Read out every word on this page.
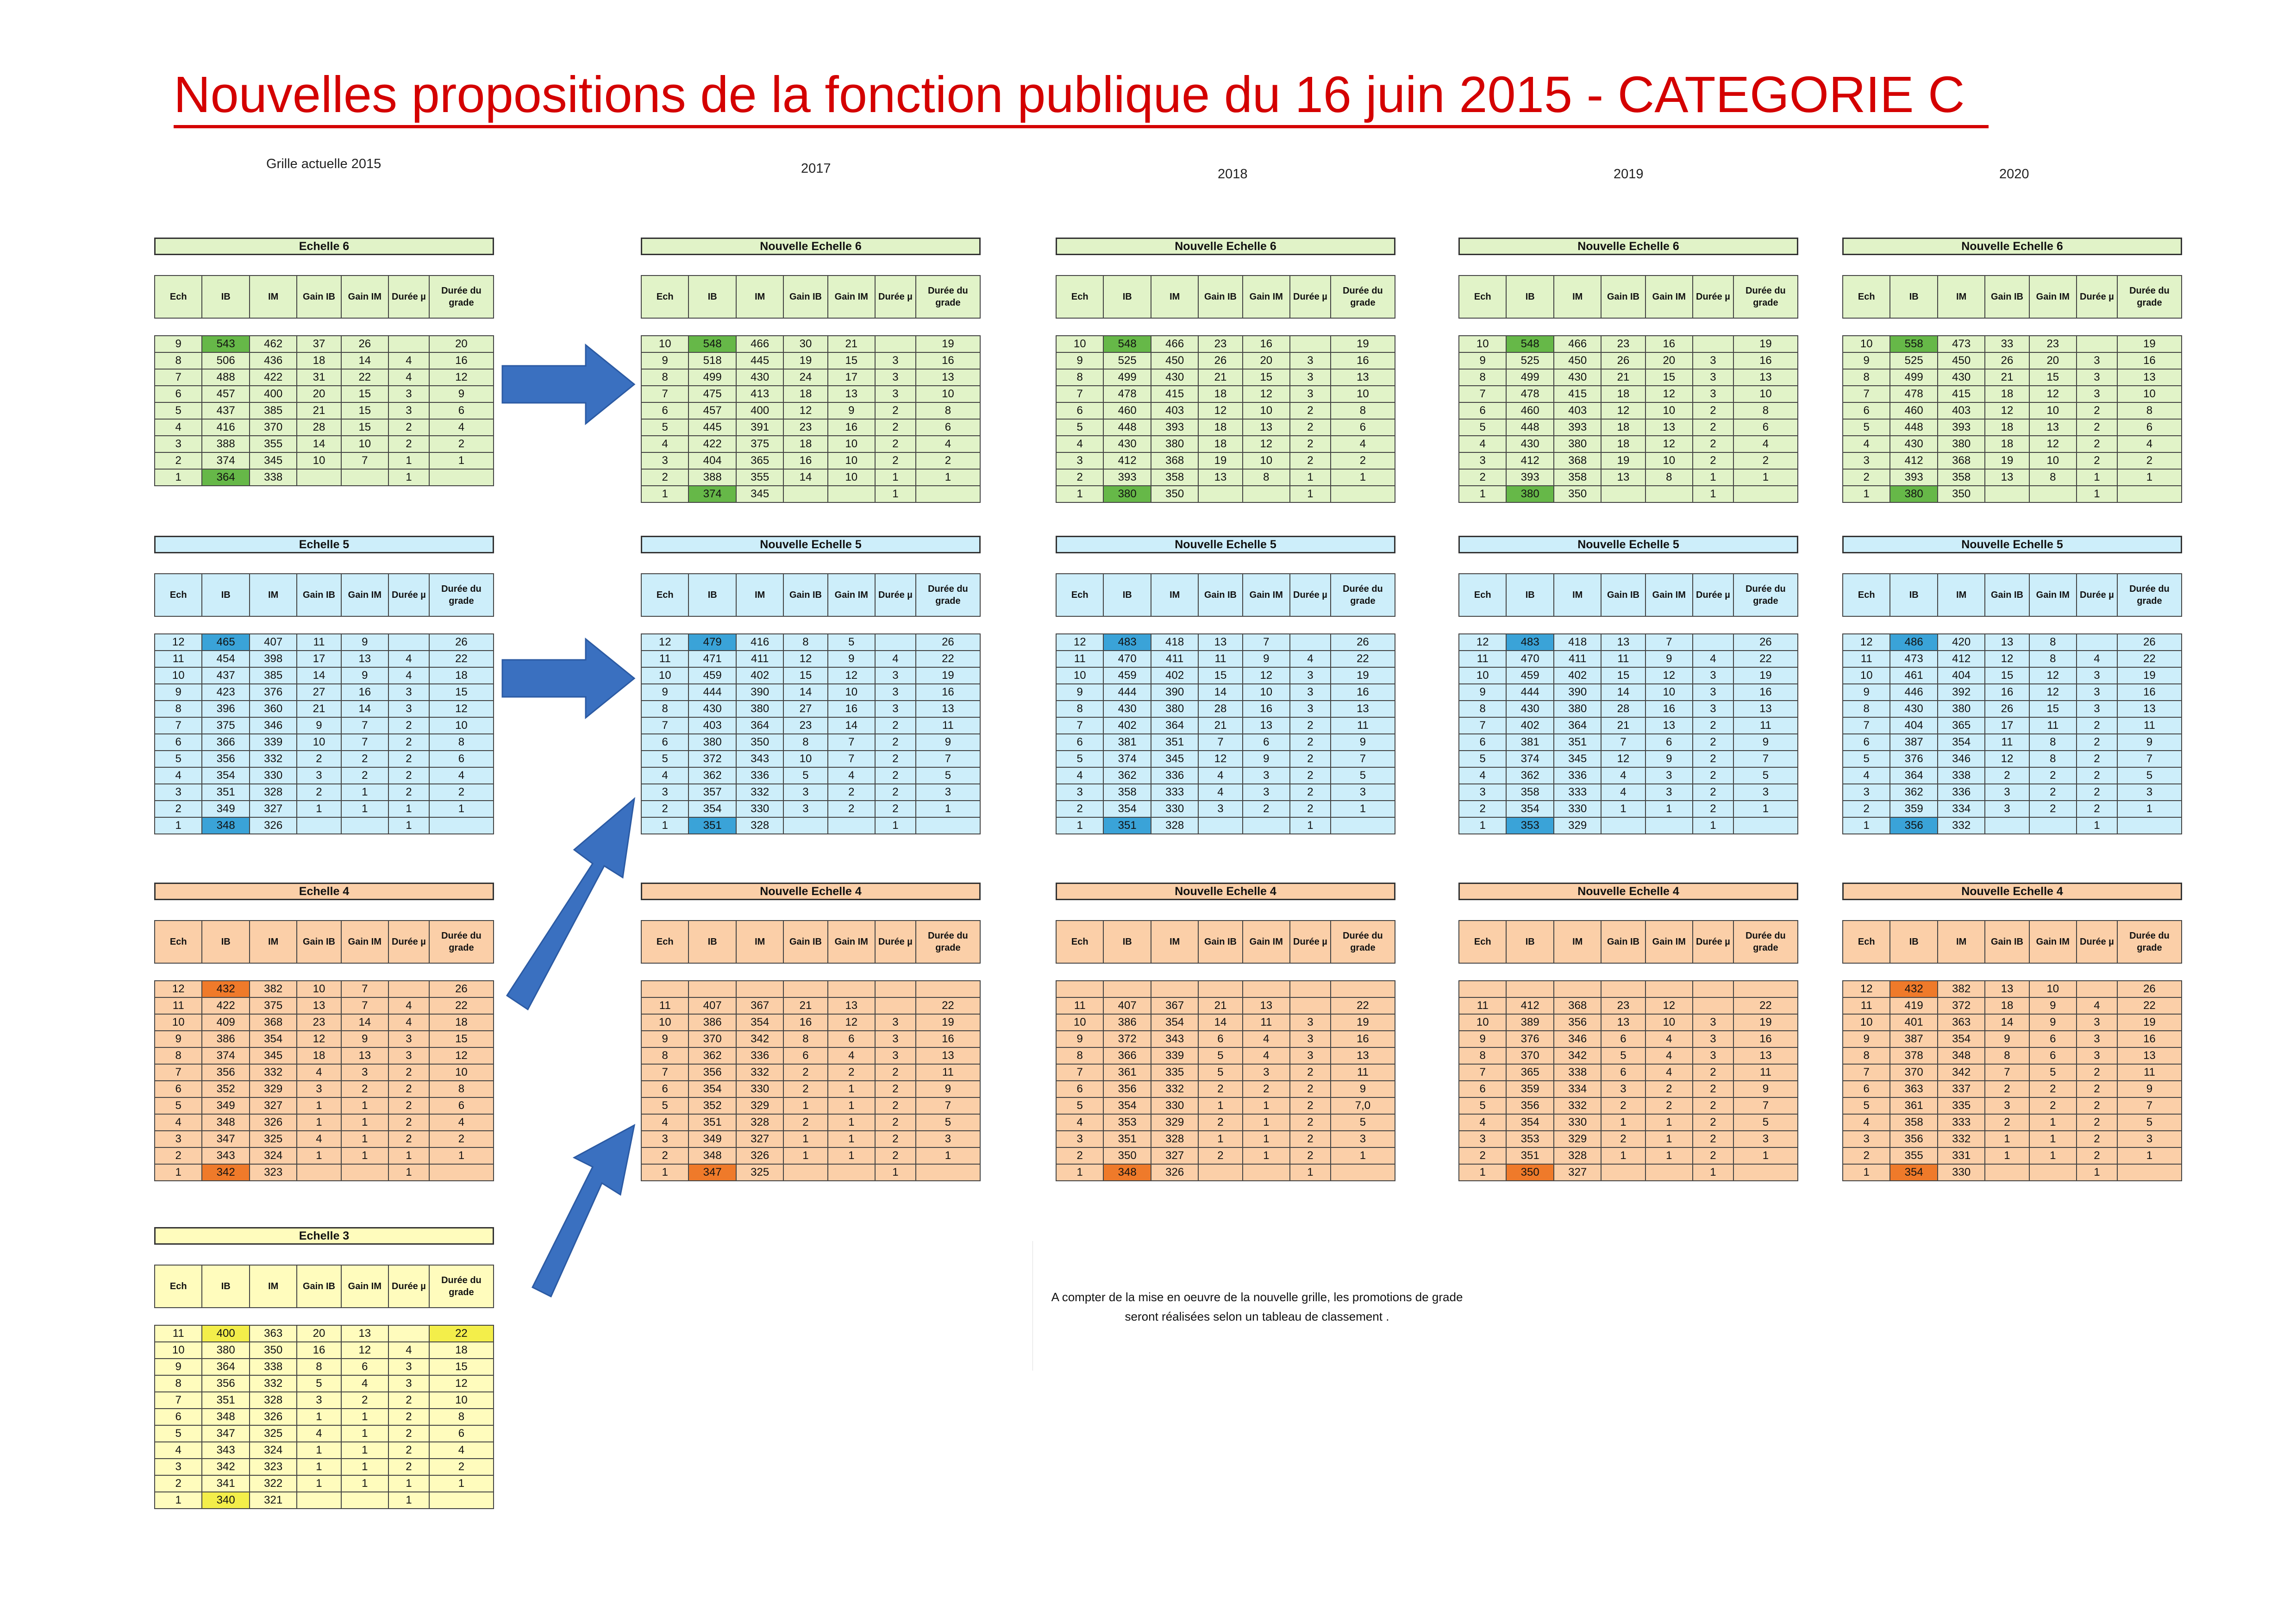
Nouvelles propositions de la fonction publique du 16 juin 2015 - CATEGORIE C
Grille actuelle 2015	2017	2018	2019	2020
Echelle 6
Ech	IB	IM	Gain IB	Gain IM	Durée µ	Durée du grade
9	543	462	37	26		20
8	506	436	18	14	4	16
7	488	422	31	22	4	12
6	457	400	20	15	3	9
5	437	385	21	15	3	6
4	416	370	28	15	2	4
3	388	355	14	10	2	2
2	374	345	10	7	1	1
1	364	338			1	
Nouvelle Echelle 6
Ech	IB	IM	Gain IB	Gain IM	Durée µ	Durée du grade
10	548	466	30	21		19
9	518	445	19	15	3	16
8	499	430	24	17	3	13
7	475	413	18	13	3	10
6	457	400	12	9	2	8
5	445	391	23	16	2	6
4	422	375	18	10	2	4
3	404	365	16	10	2	2
2	388	355	14	10	1	1
1	374	345			1	
Nouvelle Echelle 6
Ech	IB	IM	Gain IB	Gain IM	Durée µ	Durée du grade
10	548	466	23	16		19
9	525	450	26	20	3	16
8	499	430	21	15	3	13
7	478	415	18	12	3	10
6	460	403	12	10	2	8
5	448	393	18	13	2	6
4	430	380	18	12	2	4
3	412	368	19	10	2	2
2	393	358	13	8	1	1
1	380	350			1	
Nouvelle Echelle 6
Ech	IB	IM	Gain IB	Gain IM	Durée µ	Durée du grade
10	548	466	23	16		19
9	525	450	26	20	3	16
8	499	430	21	15	3	13
7	478	415	18	12	3	10
6	460	403	12	10	2	8
5	448	393	18	13	2	6
4	430	380	18	12	2	4
3	412	368	19	10	2	2
2	393	358	13	8	1	1
1	380	350			1	
Nouvelle Echelle 6
Ech	IB	IM	Gain IB	Gain IM	Durée µ	Durée du grade
10	558	473	33	23		19
9	525	450	26	20	3	16
8	499	430	21	15	3	13
7	478	415	18	12	3	10
6	460	403	12	10	2	8
5	448	393	18	13	2	6
4	430	380	18	12	2	4
3	412	368	19	10	2	2
2	393	358	13	8	1	1
1	380	350			1	
Echelle 5
Ech	IB	IM	Gain IB	Gain IM	Durée µ	Durée du grade
12	465	407	11	9		26
11	454	398	17	13	4	22
10	437	385	14	9	4	18
9	423	376	27	16	3	15
8	396	360	21	14	3	12
7	375	346	9	7	2	10
6	366	339	10	7	2	8
5	356	332	2	2	2	6
4	354	330	3	2	2	4
3	351	328	2	1	2	2
2	349	327	1	1	1	1
1	348	326			1	
Nouvelle Echelle 5
Ech	IB	IM	Gain IB	Gain IM	Durée µ	Durée du grade
12	479	416	8	5		26
11	471	411	12	9	4	22
10	459	402	15	12	3	19
9	444	390	14	10	3	16
8	430	380	27	16	3	13
7	403	364	23	14	2	11
6	380	350	8	7	2	9
5	372	343	10	7	2	7
4	362	336	5	4	2	5
3	357	332	3	2	2	3
2	354	330	3	2	2	1
1	351	328			1	
Nouvelle Echelle 5
Ech	IB	IM	Gain IB	Gain IM	Durée µ	Durée du grade
12	483	418	13	7		26
11	470	411	11	9	4	22
10	459	402	15	12	3	19
9	444	390	14	10	3	16
8	430	380	28	16	3	13
7	402	364	21	13	2	11
6	381	351	7	6	2	9
5	374	345	12	9	2	7
4	362	336	4	3	2	5
3	358	333	4	3	2	3
2	354	330	3	2	2	1
1	351	328			1	
Nouvelle Echelle 5
Ech	IB	IM	Gain IB	Gain IM	Durée µ	Durée du grade
12	483	418	13	7		26
11	470	411	11	9	4	22
10	459	402	15	12	3	19
9	444	390	14	10	3	16
8	430	380	28	16	3	13
7	402	364	21	13	2	11
6	381	351	7	6	2	9
5	374	345	12	9	2	7
4	362	336	4	3	2	5
3	358	333	4	3	2	3
2	354	330	1	1	2	1
1	353	329			1	
Nouvelle Echelle 5
Ech	IB	IM	Gain IB	Gain IM	Durée µ	Durée du grade
12	486	420	13	8		26
11	473	412	12	8	4	22
10	461	404	15	12	3	19
9	446	392	16	12	3	16
8	430	380	26	15	3	13
7	404	365	17	11	2	11
6	387	354	11	8	2	9
5	376	346	12	8	2	7
4	364	338	2	2	2	5
3	362	336	3	2	2	3
2	359	334	3	2	2	1
1	356	332			1	
Echelle 4
Ech	IB	IM	Gain IB	Gain IM	Durée µ	Durée du grade
12	432	382	10	7		26
11	422	375	13	7	4	22
10	409	368	23	14	4	18
9	386	354	12	9	3	15
8	374	345	18	13	3	12
7	356	332	4	3	2	10
6	352	329	3	2	2	8
5	349	327	1	1	2	6
4	348	326	1	1	2	4
3	347	325	4	1	2	2
2	343	324	1	1	1	1
1	342	323			1	
Nouvelle Echelle 4
Ech	IB	IM	Gain IB	Gain IM	Durée µ	Durée du grade

11	407	367	21	13		22
10	386	354	16	12	3	19
9	370	342	8	6	3	16
8	362	336	6	4	3	13
7	356	332	2	2	2	11
6	354	330	2	1	2	9
5	352	329	1	1	2	7
4	351	328	2	1	2	5
3	349	327	1	1	2	3
2	348	326	1	1	2	1
1	347	325			1	
Nouvelle Echelle 4
Ech	IB	IM	Gain IB	Gain IM	Durée µ	Durée du grade

11	407	367	21	13		22
10	386	354	14	11	3	19
9	372	343	6	4	3	16
8	366	339	5	4	3	13
7	361	335	5	3	2	11
6	356	332	2	2	2	9
5	354	330	1	1	2	7,0
4	353	329	2	1	2	5
3	351	328	1	1	2	3
2	350	327	2	1	2	1
1	348	326			1	
Nouvelle Echelle 4
Ech	IB	IM	Gain IB	Gain IM	Durée µ	Durée du grade

11	412	368	23	12		22
10	389	356	13	10	3	19
9	376	346	6	4	3	16
8	370	342	5	4	3	13
7	365	338	6	4	2	11
6	359	334	3	2	2	9
5	356	332	2	2	2	7
4	354	330	1	1	2	5
3	353	329	2	1	2	3
2	351	328	1	1	2	1
1	350	327			1	
Nouvelle Echelle 4
Ech	IB	IM	Gain IB	Gain IM	Durée µ	Durée du grade
12	432	382	13	10		26
11	419	372	18	9	4	22
10	401	363	14	9	3	19
9	387	354	9	6	3	16
8	378	348	8	6	3	13
7	370	342	7	5	2	11
6	363	337	2	2	2	9
5	361	335	3	2	2	7
4	358	333	2	1	2	5
3	356	332	1	1	2	3
2	355	331	1	1	2	1
1	354	330			1	
Echelle 3
Ech	IB	IM	Gain IB	Gain IM	Durée µ	Durée du grade
11	400	363	20	13		22
10	380	350	16	12	4	18
9	364	338	8	6	3	15
8	356	332	5	4	3	12
7	351	328	3	2	2	10
6	348	326	1	1	2	8
5	347	325	4	1	2	6
4	343	324	1	1	2	4
3	342	323	1	1	2	2
2	341	322	1	1	1	1
1	340	321			1	
A compter de la mise en oeuvre de la nouvelle grille, les promotions de grade seront réalisées selon un tableau de classement .
